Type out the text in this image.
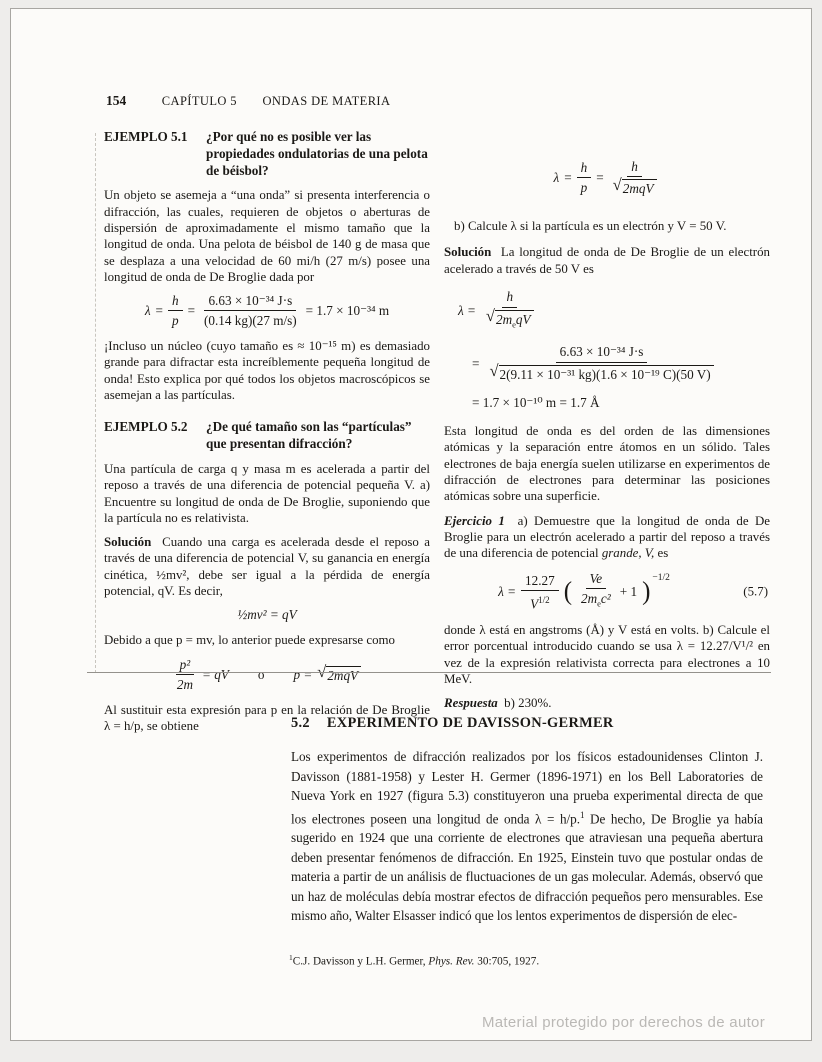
154	CAPÍTULO 5 ONDAS DE MATERIA
EJEMPLO 5.1	¿Por qué no es posible ver las propiedades ondulatorias de una pelota de béisbol?

Un objeto se asemeja a “una onda” si presenta interferencia o difracción, las cuales, requieren de objetos o aberturas de dispersión de aproximadamente el mismo tamaño que la longitud de onda. Una pelota de béisbol de 140 g de masa que se desplaza a una velocidad de 60 mi/h (27 m/s) posee una longitud de onda de De Broglie dada por

$\lambda = \frac{h}{p} = \frac{\text{6.63 × 10⁻³⁴ J·s}}{(0.14 kg)(27 m/s)} = 1.7 \times 10^{-34}$ m

¡Incluso un núcleo (cuyo tamaño es ≈ 10⁻¹⁵ m) es demasiado grande para difractar esta increíblemente pequeña longitud de onda! Esto explica por qué todos los objetos macroscópicos se asemejan a las partículas.

EJEMPLO 5.2	¿De qué tamaño son las “partículas” que presentan difracción?

Una partícula de carga q y masa m es acelerada a partir del reposo a través de una diferencia de potencial pequeña V. a) Encuentre su longitud de onda de De Broglie, suponiendo que la partícula no es relativista.

Solución Cuando una carga es acelerada desde el reposo a través de una diferencia de potencial V, su ganancia en energía cinética, ½mv², debe ser igual a la pérdida de energía potencial, qV. Es decir,

½mv² = qV

Debido a que p = mv, lo anterior puede expresarse como

$\frac{\text{p²}}{2m}$ = qV o p = √ 2mqV

Al sustituir esta expresión para p en la relación de De Broglie λ = h/p, se obtiene

$\lambda = \frac{h}{p} = \frac{h}{\text{√ 2mqV}}$

b) Calcule λ si la partícula es un electrón y V = 50 V.

Solución La longitud de onda de De Broglie de un electrón acelerado a través de 50 V es

$\lambda = \frac{h}{√ 2m_eqV}$
= $\frac{\text{6.63 × 10⁻³⁴ J·s}}{\text{√ 2(9.11 × 10⁻³¹ kg)(1.6 × 10⁻¹⁹ C)(50 V)}}$
= 1.7 × 10⁻¹⁰ m = 1.7 Å

Esta longitud de onda es del orden de las dimensiones atómicas y la separación entre átomos en un sólido. Tales electrones de baja energía suelen utilizarse en experimentos de difracción de electrones para determinar las posiciones atómicas sobre una superficie.

Ejercicio 1 a) Demuestre que la longitud de onda de De Broglie para un electrón acelerado a partir del reposo a través de una diferencia de potencial grande, V, es

$\lambda = \frac{12.27}{V^{1/2}}$ ( $\frac{Ve}{2m_ec^2} + 1$ ) −1/2
(5.7)

donde λ está en angstroms (Å) y V está en volts. b) Calcule el error porcentual introducido cuando se usa λ = 12.27/V¹/² en vez de la expresión relativista correcta para electrones a 10 MeV.

Respuesta b) 230%.

5.2 EXPERIMENTO DE DAVISSON-GERMER

Los experimentos de difracción realizados por los físicos estadounidenses Clinton J. Davisson (1881-1958) y Lester H. Germer (1896-1971) en los Bell Laboratories de Nueva York en 1927 (figura 5.3) constituyeron una prueba experimental directa de que los electrones poseen una longitud de onda λ = h/p.$^1$ De hecho, De Broglie ya había sugerido en 1924 que una corriente de electrones que atraviesan una pequeña abertura deben presentar fenómenos de difracción. En 1925, Einstein tuvo que postular ondas de materia a partir de un análisis de fluctuaciones de un gas molecular. Además, observó que un haz de moléculas debía mostrar efectos de difracción pequeños pero mensurables. Ese mismo año, Walter Elsasser indicó que los lentos experimentos de dispersión de elec-

$^1$C.J. Davisson y L.H. Germer, Phys. Rev. 30:705, 1927.
Material protegido por derechos de autor
